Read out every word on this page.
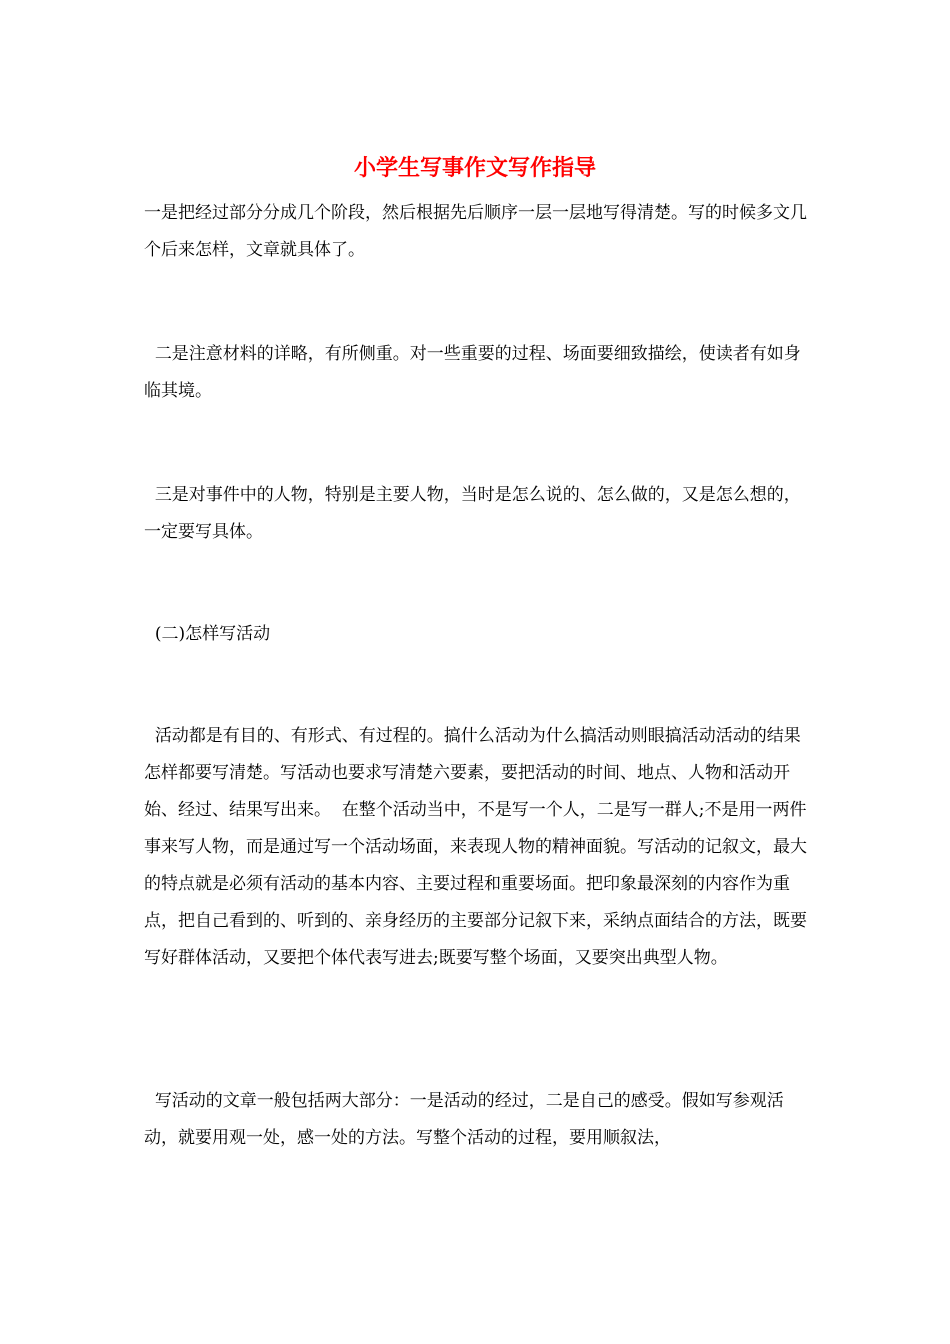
小学生写事作文写作指导

一是把经过部分分成几个阶段，然后根据先后顺序一层一层地写得清楚。写的时候多文几个后来怎样，文章就具体了。

二是注意材料的详略，有所侧重。对一些重要的过程、场面要细致描绘，使读者有如身临其境。

三是对事件中的人物，特别是主要人物，当时是怎么说的、怎么做的，又是怎么想的，一定要写具体。

(二)怎样写活动

活动都是有目的、有形式、有过程的。搞什么活动为什么搞活动则眼搞活动活动的结果怎样都要写清楚。写活动也要求写清楚六要素，要把活动的时间、地点、人物和活动开始、经过、结果写出来。  在整个活动当中，不是写一个人，二是写一群人;不是用一两件事来写人物，而是通过写一个活动场面，来表现人物的精神面貌。写活动的记叙文，最大的特点就是必须有活动的基本内容、主要过程和重要场面。把印象最深刻的内容作为重点，把自己看到的、听到的、亲身经历的主要部分记叙下来，采纳点面结合的方法，既要写好群体活动，又要把个体代表写进去;既要写整个场面，又要突出典型人物。

写活动的文章一般包括两大部分：一是活动的经过，二是自己的感受。假如写参观活动，就要用观一处，感一处的方法。写整个活动的过程，要用顺叙法，
